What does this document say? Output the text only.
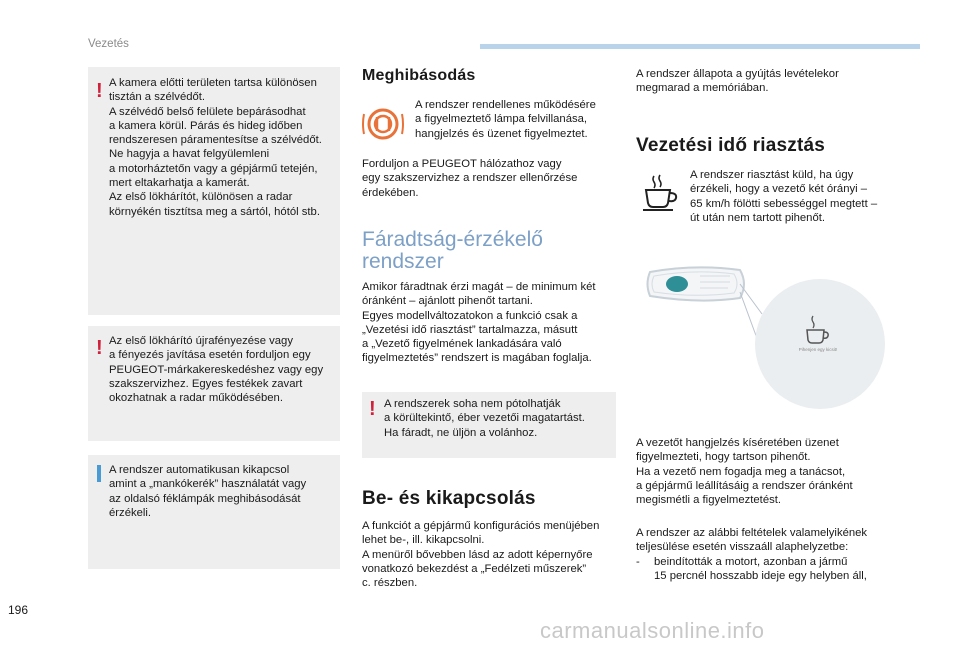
Vezetés
196
carmanualsonline.info
! A kamera előtti területen tartsa különösen

tisztán a szélvédőt.

A szélvédő belső felülete bepárásodhat

a kamera körül. Párás és hideg időben

rendszeresen páramentesítse a szélvédőt.

Ne hagyja a havat felgyülemleni

a motorháztetőn vagy a gépjármű tetején,

mert eltakarhatja a kamerát.

Az első lökhárítót, különösen a radar

környékén tisztítsa meg a sártól, hótól stb.

! Az első lökhárító újrafényezése vagy

a fényezés javítása esetén forduljon egy

PEUGEOT-márkakereskedéshez vagy egy

szakszervizhez. Egyes festékek zavart

okozhatnak a radar működésében.

A rendszer automatikusan kikapcsol

amint a „mankókerék” használatát vagy

az oldalsó féklámpák meghibásodását

érzékeli.

Meghibásodás

A rendszer rendellenes működésére

a figyelmeztető lámpa felvillanása,

hangjelzés és üzenet figyelmeztet.

Forduljon a PEUGEOT hálózathoz vagy

egy szakszervizhez a rendszer ellenőrzése

érdekében.

Fáradtság-érzékelő
rendszer

Amikor fáradtnak érzi magát – de minimum két

óránként – ajánlott pihenőt tartani.

Egyes modellváltozatokon a funkció csak a

„Vezetési idő riasztást” tartalmazza, másutt

a „Vezető figyelmének lankadására való

figyelmeztetés” rendszert is magában foglalja.

! A rendszerek soha nem pótolhatják

a körültekintő, éber vezetői magatartást.

Ha fáradt, ne üljön a volánhoz.

Be- és kikapcsolás

A funkciót a gépjármű konfigurációs menüjében

lehet be-, ill. kikapcsolni.

A menüről bővebben lásd az adott képernyőre

vonatkozó bekezdést a „Fedélzeti műszerek”

c. részben.

A rendszer állapota a gyújtás levételekor

megmarad a memóriában.

Vezetési idő riasztás

A rendszer riasztást küld, ha úgy

érzékeli, hogy a vezető két órányi –

65 km/h fölötti sebességgel megtett –

út után nem tartott pihenőt.

Pihenjen egy kicsit!

A vezetőt hangjelzés kíséretében üzenet

figyelmezteti, hogy tartson pihenőt.

Ha a vezető nem fogadja meg a tanácsot,

a gépjármű leállításáig a rendszer óránként

megismétli a figyelmeztetést.

A rendszer az alábbi feltételek valamelyikének

teljesülése esetén visszaáll alaphelyzetbe:

-	beindították a motort, azonban a jármű

15 percnél hosszabb ideje egy helyben áll,
